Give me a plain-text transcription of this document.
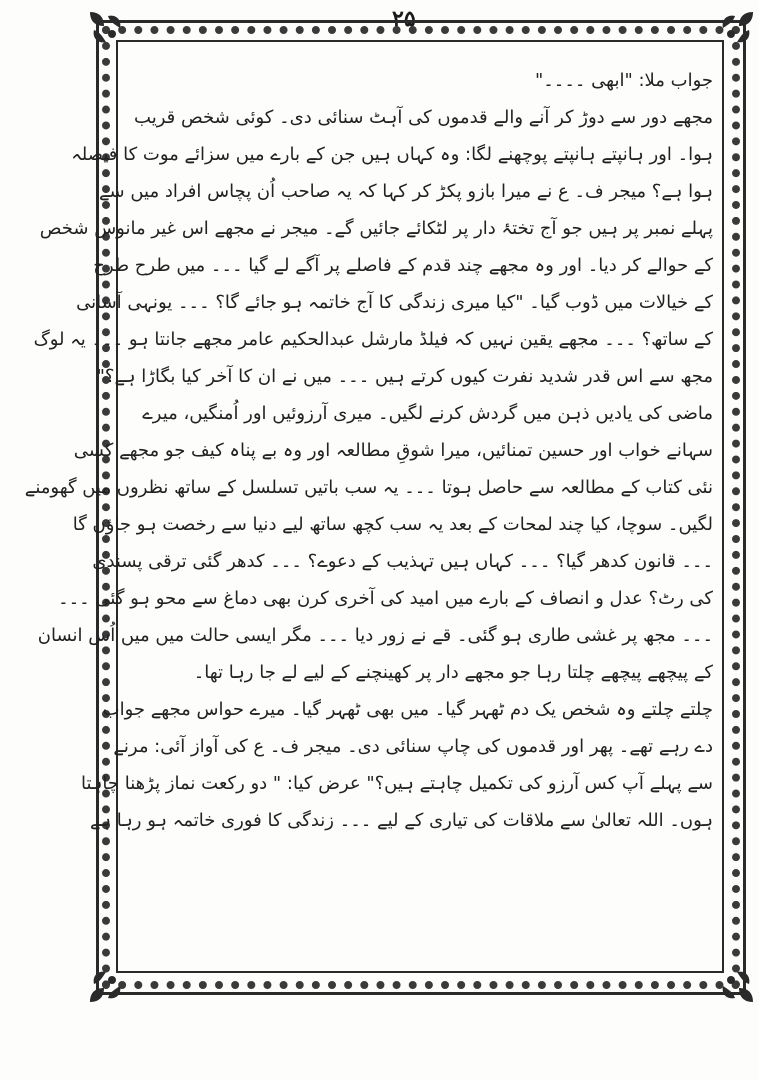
۲۵
جواب ملا: "ابھی ۔۔۔۔"
مجھے دور سے دوڑ کر آنے والے قدموں کی آہٹ سنائی دی۔ کوئی شخص قریب
ہوا۔ اور ہانپتے ہانپتے پوچھنے لگا: وہ کہاں ہیں جن کے بارے میں سزائے موت کا فیصلہ
ہوا ہے؟ میجر ف۔ ع نے میرا بازو پکڑ کر کہا کہ یہ صاحب اُن پچاس افراد میں سے
پہلے نمبر پر ہیں جو آج تختۂ دار پر لٹکائے جائیں گے۔ میجر نے مجھے اس غیر مانوس شخص
کے حوالے کر دیا۔ اور وہ مجھے چند قدم کے فاصلے پر آگے لے گیا ۔۔۔ میں طرح طرح
کے خیالات میں ڈوب گیا۔ "کیا میری زندگی کا آج خاتمہ ہو جائے گا؟ ۔۔۔ یونہی آسانی
کے ساتھ؟ ۔۔۔ مجھے یقین نہیں کہ فیلڈ مارشل عبدالحکیم عامر مجھے جانتا ہو ۔۔۔ یہ لوگ
مجھ سے اس قدر شدید نفرت کیوں کرتے ہیں ۔۔۔ میں نے ان کا آخر کیا بگاڑا ہے؟"
ماضی کی یادیں ذہن میں گردش کرنے لگیں۔ میری آرزوئیں اور اُمنگیں، میرے
سہانے خواب اور حسین تمنائیں، میرا شوقِ مطالعہ اور وہ بے پناہ کیف جو مجھے کسی
نئی کتاب کے مطالعہ سے حاصل ہوتا ۔۔۔ یہ سب باتیں تسلسل کے ساتھ نظروں میں گھومنے
لگیں۔ سوچا، کیا چند لمحات کے بعد یہ سب کچھ ساتھ لیے دنیا سے رخصت ہو جاؤں گا
۔۔۔ قانون کدھر گیا؟ ۔۔۔ کہاں ہیں تہذیب کے دعوے؟ ۔۔۔ کدھر گئی ترقی پسندی
کی رٹ؟ عدل و انصاف کے بارے میں امید کی آخری کرن بھی دماغ سے محو ہو گئی ۔۔۔
۔۔۔ مجھ پر غشی طاری ہو گئی۔ قے نے زور دیا ۔۔۔ مگر ایسی حالت میں میں اُس انسان
کے پیچھے پیچھے چلتا رہا جو مجھے دار پر کھینچنے کے لیے لے جا رہا تھا۔
چلتے چلتے وہ شخص یک دم ٹھہر گیا۔ میں بھی ٹھہر گیا۔ میرے حواس مجھے جواب
دے رہے تھے۔ پھر اور قدموں کی چاپ سنائی دی۔ میجر ف۔ ع کی آواز آئی: مرنے
سے پہلے آپ کس آرزو کی تکمیل چاہتے ہیں؟" عرض کیا: " دو رکعت نماز پڑھنا چاہتا
ہوں۔ اللہ تعالیٰ سے ملاقات کی تیاری کے لیے ۔۔۔ زندگی کا فوری خاتمہ ہو رہا ہے
